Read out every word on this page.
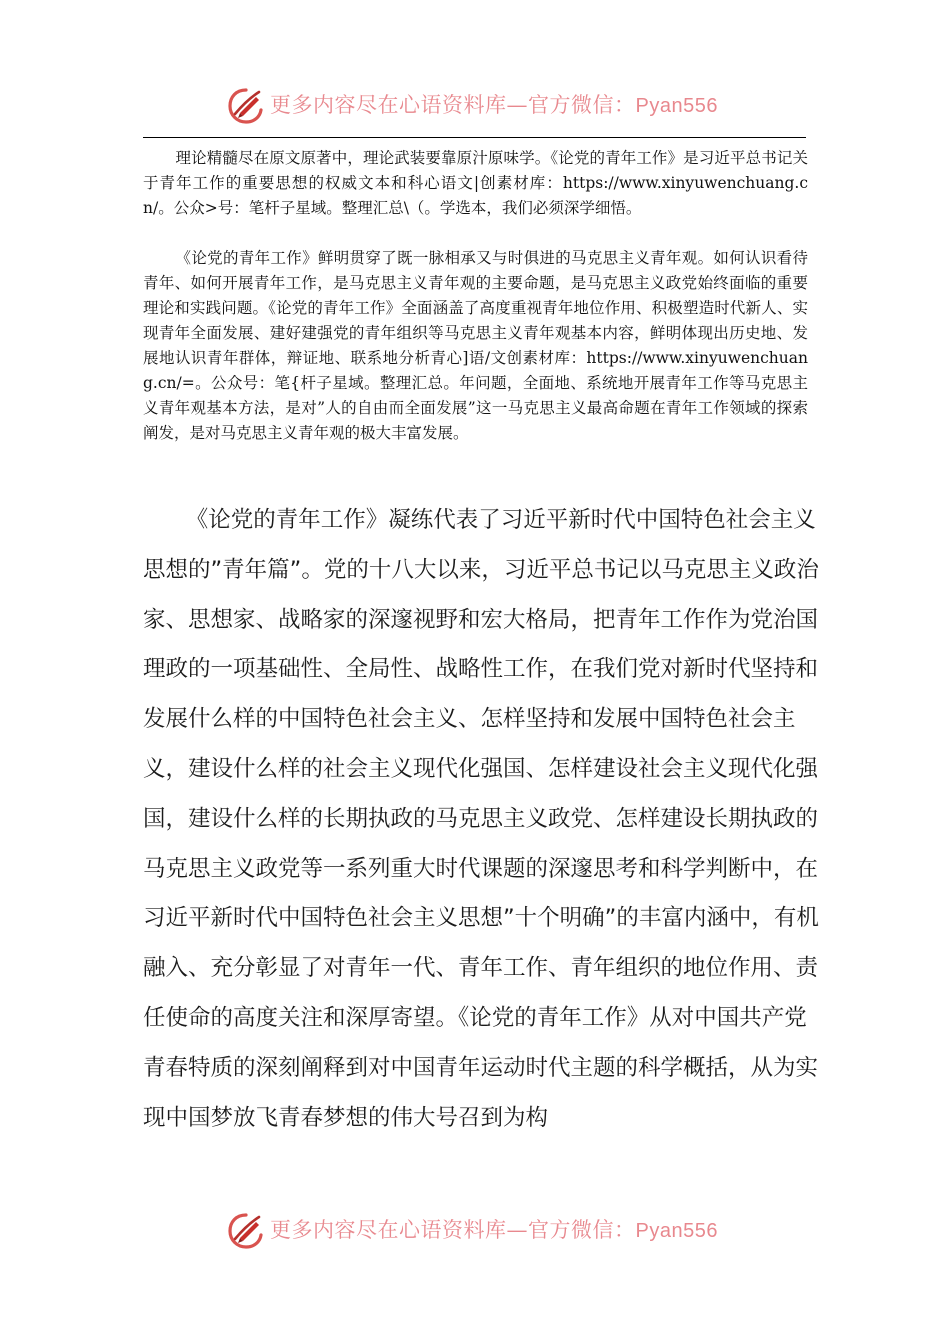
更多内容尽在心语资料库—官方微信：Pyan556

理论精髓尽在原文原著中，理论武装要靠原汁原味学。《论党的青年工作》是习近平总书记关于青年工作的重要思想的权威文本和科心语文|创素材库：https://www.xinyuwenchuang.cn/。公众>号：笔杆子星域。整理汇总\（。学选本，我们必须深学细悟。

《论党的青年工作》鲜明贯穿了既一脉相承又与时俱进的马克思主义青年观。如何认识看待青年、如何开展青年工作，是马克思主义青年观的主要命题，是马克思主义政党始终面临的重要理论和实践问题。《论党的青年工作》全面涵盖了高度重视青年地位作用、积极塑造时代新人、实现青年全面发展、建好建强党的青年组织等马克思主义青年观基本内容，鲜明体现出历史地、发展地认识青年群体，辩证地、联系地分析青心]语/文创素材库：https://www.xinyuwenchuang.cn/=。公众号：笔{杆子星域。整理汇总。年问题，全面地、系统地开展青年工作等马克思主义青年观基本方法，是对”人的自由而全面发展”这一马克思主义最高命题在青年工作领域的探索阐发，是对马克思主义青年观的极大丰富发展。

《论党的青年工作》凝练代表了习近平新时代中国特色社会主义思想的”青年篇”。党的十八大以来，习近平总书记以马克思主义政治家、思想家、战略家的深邃视野和宏大格局，把青年工作作为党治国理政的一项基础性、全局性、战略性工作，在我们党对新时代坚持和发展什么样的中国特色社会主义、怎样坚持和发展中国特色社会主义，建设什么样的社会主义现代化强国、怎样建设社会主义现代化强国，建设什么样的长期执政的马克思主义政党、怎样建设长期执政的马克思主义政党等一系列重大时代课题的深邃思考和科学判断中，在习近平新时代中国特色社会主义思想”十个明确”的丰富内涵中，有机融入、充分彰显了对青年一代、青年工作、青年组织的地位作用、责任使命的高度关注和深厚寄望。《论党的青年工作》从对中国共产党青春特质的深刻阐释到对中国青年运动时代主题的科学概括，从为实现中国梦放飞青春梦想的伟大号召到为构

更多内容尽在心语资料库—官方微信：Pyan556
